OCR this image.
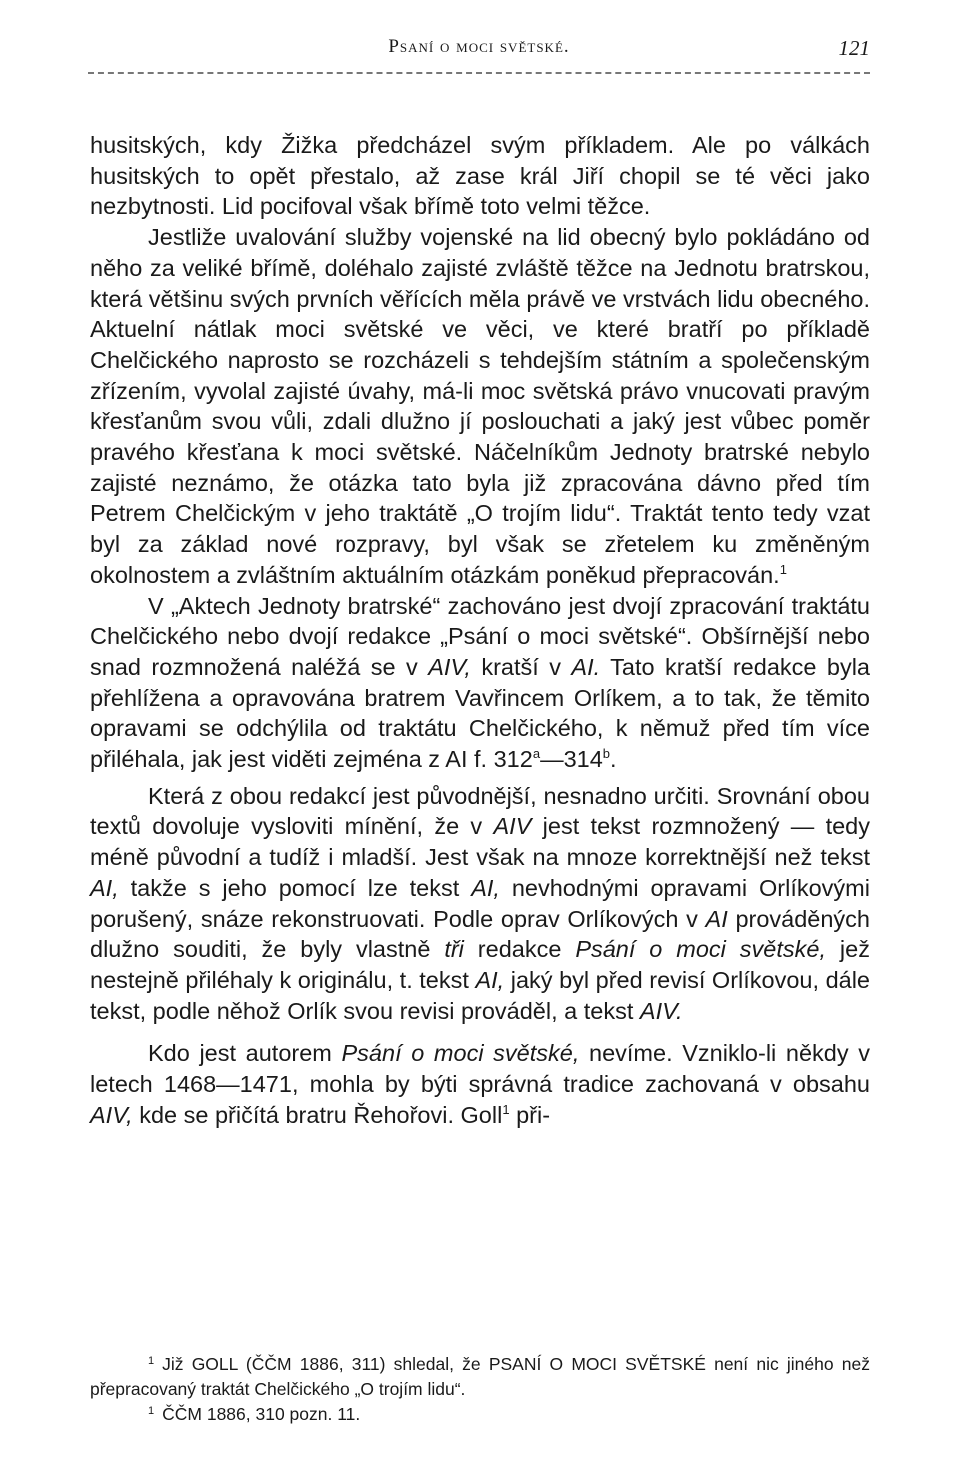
Psaní o moci světské.	121

husitských, kdy Žižka předcházel svým příkladem. Ale po válkách husitských to opět přestalo, až zase král Jiří chopil se té věci jako nezbytnosti. Lid pocifoval však břímě toto velmi těžce.

Jestliže uvalování služby vojenské na lid obecný bylo pokládáno od něho za veliké břímě, doléhalo zajisté zvláště těžce na Jednotu bratrskou, která většinu svých prvních věřících měla právě ve vrstvách lidu obecného. Aktuelní nátlak moci světské ve věci, ve které bratří po příkladě Chelčického naprosto se rozcházeli s tehdejším státním a společenským zřízením, vyvolal zajisté úvahy, má-li moc světská právo vnucovati pravým křesťanům svou vůli, zdali dlužno jí poslouchati a jaký jest vůbec poměr pravého křesťana k moci světské. Náčelníkům Jednoty bratrské nebylo zajisté neznámo, že otázka tato byla již zpracována dávno před tím Petrem Chelčickým v jeho traktátě „O trojím lidu“. Traktát tento tedy vzat byl za základ nové rozpravy, byl však se zřetelem ku změněným okolnostem a zvláštním aktuálním otázkám poněkud přepracován.$^1$

V „Aktech Jednoty bratrské“ zachováno jest dvojí zpracování traktátu Chelčického nebo dvojí redakce „Psání o moci světské“. Obšírnější nebo snad rozmnožená naléžá se v AIV, kratší v AI. Tato kratší redakce byla přehlížena a opravována bratrem Vavřincem Orlíkem, a to tak, že těmito opravami se odchýlila od traktátu Chelčického, k němuž před tím více přiléhala, jak jest viděti zejména z AI f. 312$^a$—314$^b$.

Která z obou redakcí jest původnější, nesnadno určiti. Srovnání obou textů dovoluje vysloviti mínění, že v AIV jest tekst rozmnožený — tedy méně původní a tudíž i mladší. Jest však na mnoze korrektnější než tekst AI, takže s jeho pomocí lze tekst AI, nevhodnými opravami Orlíkovými porušený, snáze rekonstruovati. Podle oprav Orlíkových v AI prováděných dlužno souditi, že byly vlastně tři redakce Psání o moci světské, jež nestejně přiléhaly k originálu, t. tekst AI, jaký byl před revisí Orlíkovou, dále tekst, podle něhož Orlík svou revisi prováděl, a tekst AIV.

Kdo jest autorem Psání o moci světské, nevíme. Vzniklo-li někdy v letech 1468—1471, mohla by býti správná tradice zachovaná v obsahu AIV, kde se přičítá bratru Řehořovi. Goll$^1$ při-

$^1$ Již GOLL (ČČM 1886, 311) shledal, že PSANÍ O MOCI SVĚTSKÉ není nic jiného než přepracovaný traktát Chelčického „O trojím lidu“.

$^1$ ČČM 1886, 310 pozn. 11.
